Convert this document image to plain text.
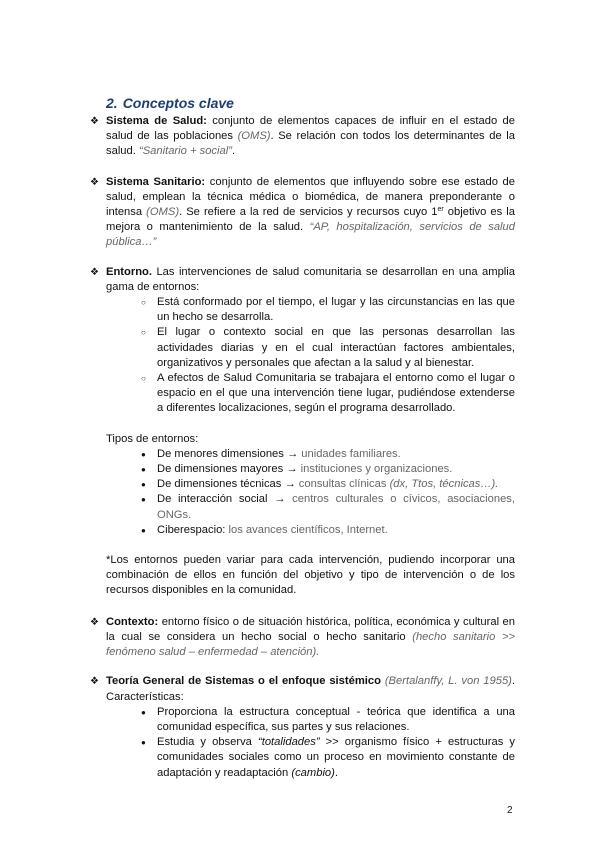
2. Conceptos clave
❖ Sistema de Salud: conjunto de elementos capaces de influir en el estado de salud de las poblaciones (OMS). Se relación con todos los determinantes de la salud. “Sanitario + social”.
❖ Sistema Sanitario: conjunto de elementos que influyendo sobre ese estado de salud, emplean la técnica médica o biomédica, de manera preponderante o intensa (OMS). Se refiere a la red de servicios y recursos cuyo 1er objetivo es la mejora o mantenimiento de la salud. “AP, hospitalización, servicios de salud pública…”
❖ Entorno. Las intervenciones de salud comunitaria se desarrollan en una amplia gama de entornos:
○ Está conformado por el tiempo, el lugar y las circunstancias en las que un hecho se desarrolla.
○ El lugar o contexto social en que las personas desarrollan las actividades diarias y en el cual interactúan factores ambientales, organizativos y personales que afectan a la salud y al bienestar.
○ A efectos de Salud Comunitaria se trabajara el entorno como el lugar o espacio en el que una intervención tiene lugar, pudiéndose extenderse a diferentes localizaciones, según el programa desarrollado.
Tipos de entornos:
● De menores dimensiones → unidades familiares.
● De dimensiones mayores → instituciones y organizaciones.
● De dimensiones técnicas → consultas clínicas (dx, Ttos, técnicas…).
● De interacción social → centros culturales o cívicos, asociaciones, ONGs.
● Ciberespacio: los avances científicos, Internet.
*Los entornos pueden variar para cada intervención, pudiendo incorporar una combinación de ellos en función del objetivo y tipo de intervención o de los recursos disponibles en la comunidad.
❖ Contexto: entorno físico o de situación histórica, política, económica y cultural en la cual se considera un hecho social o hecho sanitario (hecho sanitario >> fenómeno salud – enfermedad – atención).
❖ Teoría General de Sistemas o el enfoque sistémico (Bertalanffy, L. von 1955). Características:
● Proporciona la estructura conceptual - teórica que identifica a una comunidad específica, sus partes y sus relaciones.
● Estudia y observa “totalidades” >> organismo físico + estructuras y comunidades sociales como un proceso en movimiento constante de adaptación y readaptación (cambio).
2
